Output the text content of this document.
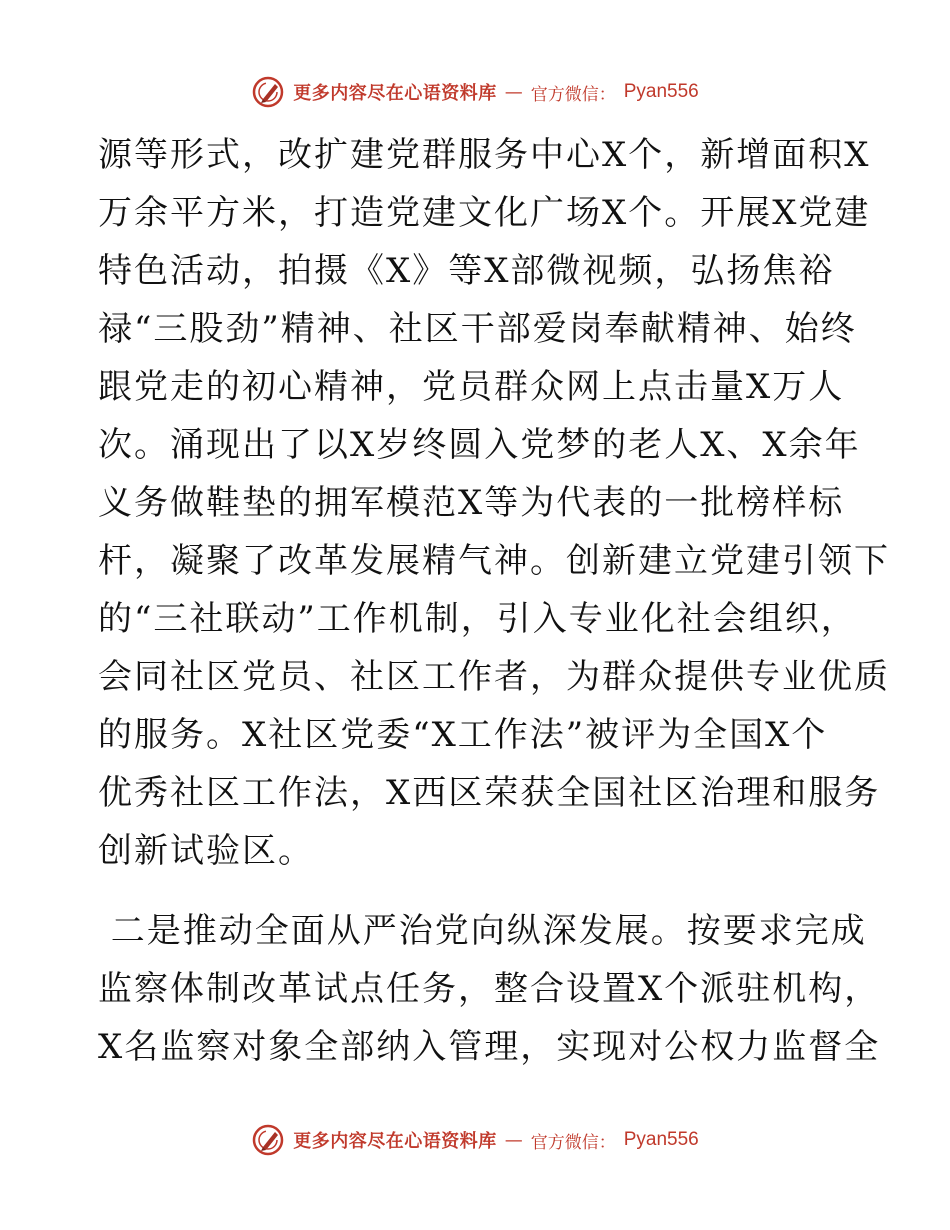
更多内容尽在心语资料库 — 官方微信： Pyan556
源等形式，改扩建党群服务中心X个，新增面积X
万余平方米，打造党建文化广场X个。开展X党建
特色活动，拍摄《X》等X部微视频，弘扬焦裕
禄“三股劲”精神、社区干部爱岗奉献精神、始终
跟党走的初心精神，党员群众网上点击量X万人
次。涌现出了以X岁终圆入党梦的老人X、X余年
义务做鞋垫的拥军模范X等为代表的一批榜样标
杆，凝聚了改革发展精气神。创新建立党建引领下
的“三社联动”工作机制，引入专业化社会组织，
会同社区党员、社区工作者，为群众提供专业优质
的服务。X社区党委“X工作法”被评为全国X个
优秀社区工作法，X西区荣获全国社区治理和服务
创新试验区。
二是推动全面从严治党向纵深发展。按要求完成
监察体制改革试点任务，整合设置X个派驻机构，
X名监察对象全部纳入管理，实现对公权力监督全
更多内容尽在心语资料库 — 官方微信： Pyan556
